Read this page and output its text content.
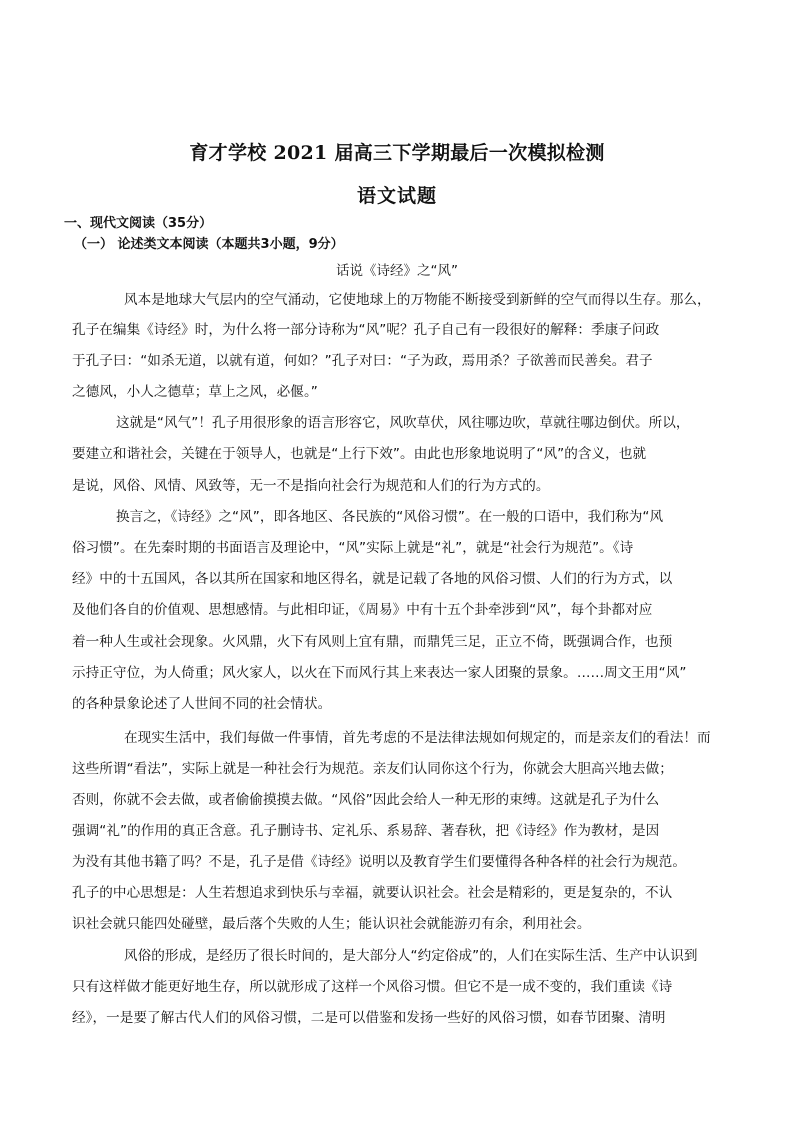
育才学校 2021 届高三下学期最后一次模拟检测
语文试题
一、现代文阅读（35分）
（一） 论述类文本阅读（本题共3小题，9分）
话说《诗经》之“风”
风本是地球大气层内的空气涌动，它使地球上的万物能不断接受到新鲜的空气而得以生存。那么，
孔子在编集《诗经》时，为什么将一部分诗称为“风”呢？孔子自己有一段很好的解释：季康子问政
于孔子曰：“如杀无道，以就有道，何如？”孔子对曰：“子为政，焉用杀？子欲善而民善矣。君子
之德风，小人之德草；草上之风，必偃。”
这就是“风气”！孔子用很形象的语言形容它，风吹草伏，风往哪边吹，草就往哪边倒伏。所以，
要建立和谐社会，关键在于领导人，也就是“上行下效”。由此也形象地说明了“风”的含义，也就
是说，风俗、风情、风致等，无一不是指向社会行为规范和人们的行为方式的。
换言之，《诗经》之“风”，即各地区、各民族的“风俗习惯”。在一般的口语中，我们称为“风
俗习惯”。在先秦时期的书面语言及理论中，“风”实际上就是“礼”，就是“社会行为规范”。《诗
经》中的十五国风，各以其所在国家和地区得名，就是记载了各地的风俗习惯、人们的行为方式，以
及他们各自的价值观、思想感情。与此相印证，《周易》中有十五个卦牵涉到“风”，每个卦都对应
着一种人生或社会现象。火风鼎，火下有风则上宜有鼎，而鼎凭三足，正立不倚，既强调合作，也预
示持正守位，为人倚重；风火家人，以火在下而风行其上来表达一家人团聚的景象。……周文王用“风”
的各种景象论述了人世间不同的社会情状。
在现实生活中，我们每做一件事情，首先考虑的不是法律法规如何规定的，而是亲友们的看法！而
这些所谓“看法”，实际上就是一种社会行为规范。亲友们认同你这个行为，你就会大胆高兴地去做；
否则，你就不会去做，或者偷偷摸摸去做。“风俗”因此会给人一种无形的束缚。这就是孔子为什么
强调“礼”的作用的真正含意。孔子删诗书、定礼乐、系易辞、著春秋，把《诗经》作为教材，是因
为没有其他书籍了吗？不是，孔子是借《诗经》说明以及教育学生们要懂得各种各样的社会行为规范。
孔子的中心思想是：人生若想追求到快乐与幸福，就要认识社会。社会是精彩的，更是复杂的，不认
识社会就只能四处碰壁，最后落个失败的人生；能认识社会就能游刃有余，利用社会。
风俗的形成，是经历了很长时间的，是大部分人“约定俗成”的，人们在实际生活、生产中认识到
只有这样做才能更好地生存，所以就形成了这样一个风俗习惯。但它不是一成不变的，我们重读《诗
经》，一是要了解古代人们的风俗习惯，二是可以借鉴和发扬一些好的风俗习惯，如春节团聚、清明
